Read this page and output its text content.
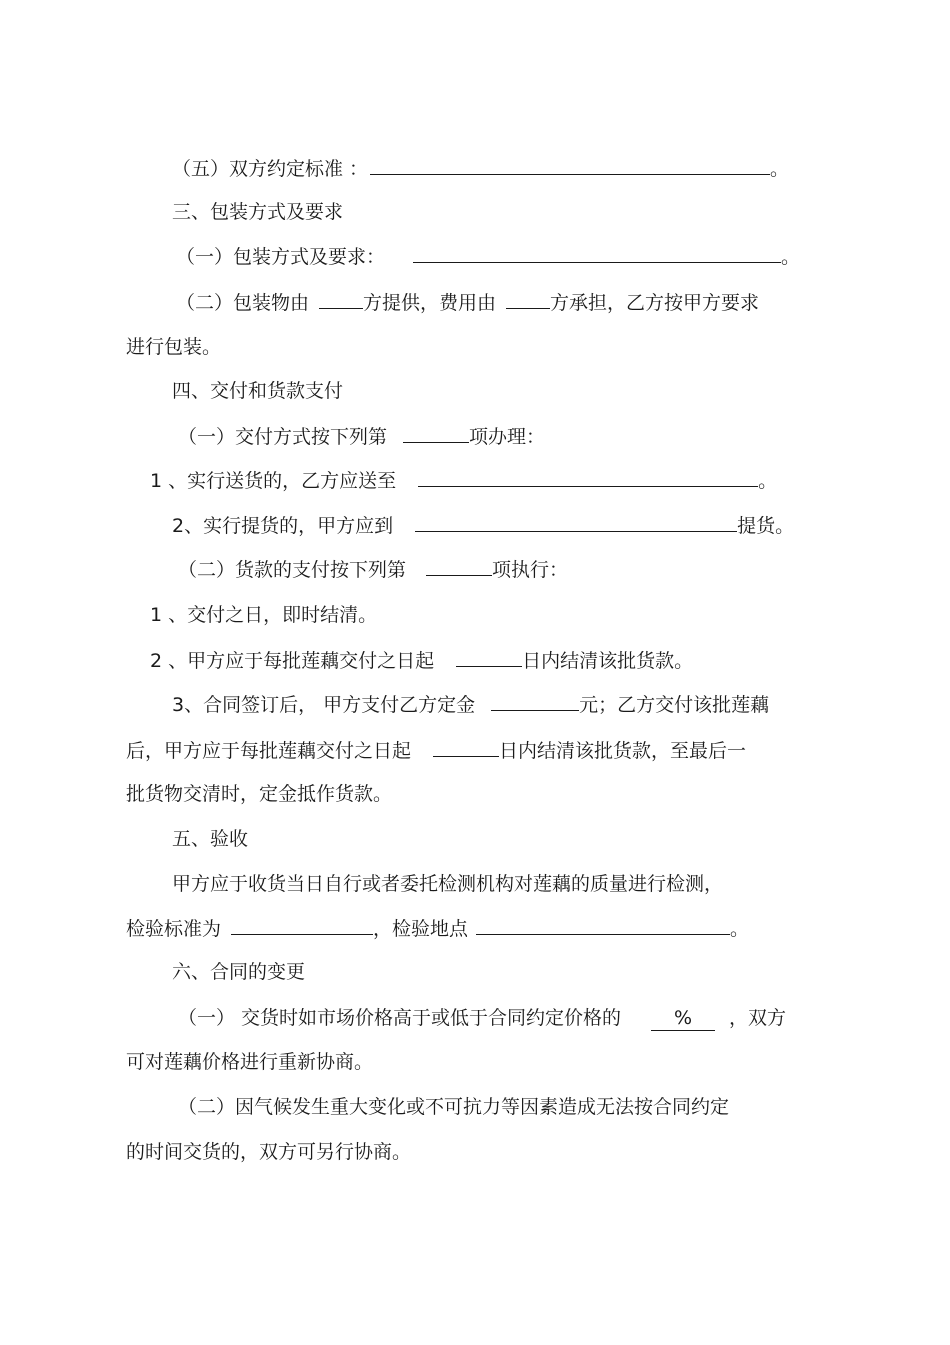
（五）双方约定标准 ：	。
三、包装方式及要求
（一）包装方式及要求：	。
（二）包装物由	方提供，费用由	方承担，乙方按甲方要求
进行包装。
四、交付和货款支付
（一）交付方式按下列第	项办理：
1 、实行送货的，乙方应送至	。
2、实行提货的，甲方应到	提货。
（二）货款的支付按下列第	项执行：
1 、交付之日，即时结清。
2 、甲方应于每批莲藕交付之日起	日内结清该批货款。
3、合同签订后， 甲方支付乙方定金	元；乙方交付该批莲藕
后，甲方应于每批莲藕交付之日起	日内结清该批货款，至最后一
批货物交清时，定金抵作货款。
五、验收
甲方应于收货当日自行或者委托检测机构对莲藕的质量进行检测，
检验标准为	，检验地点	。
六、合同的变更
（一） 交货时如市场价格高于或低于合同约定价格的	% ，双方
可对莲藕价格进行重新协商。
（二）因气候发生重大变化或不可抗力等因素造成无法按合同约定
的时间交货的，双方可另行协商。
